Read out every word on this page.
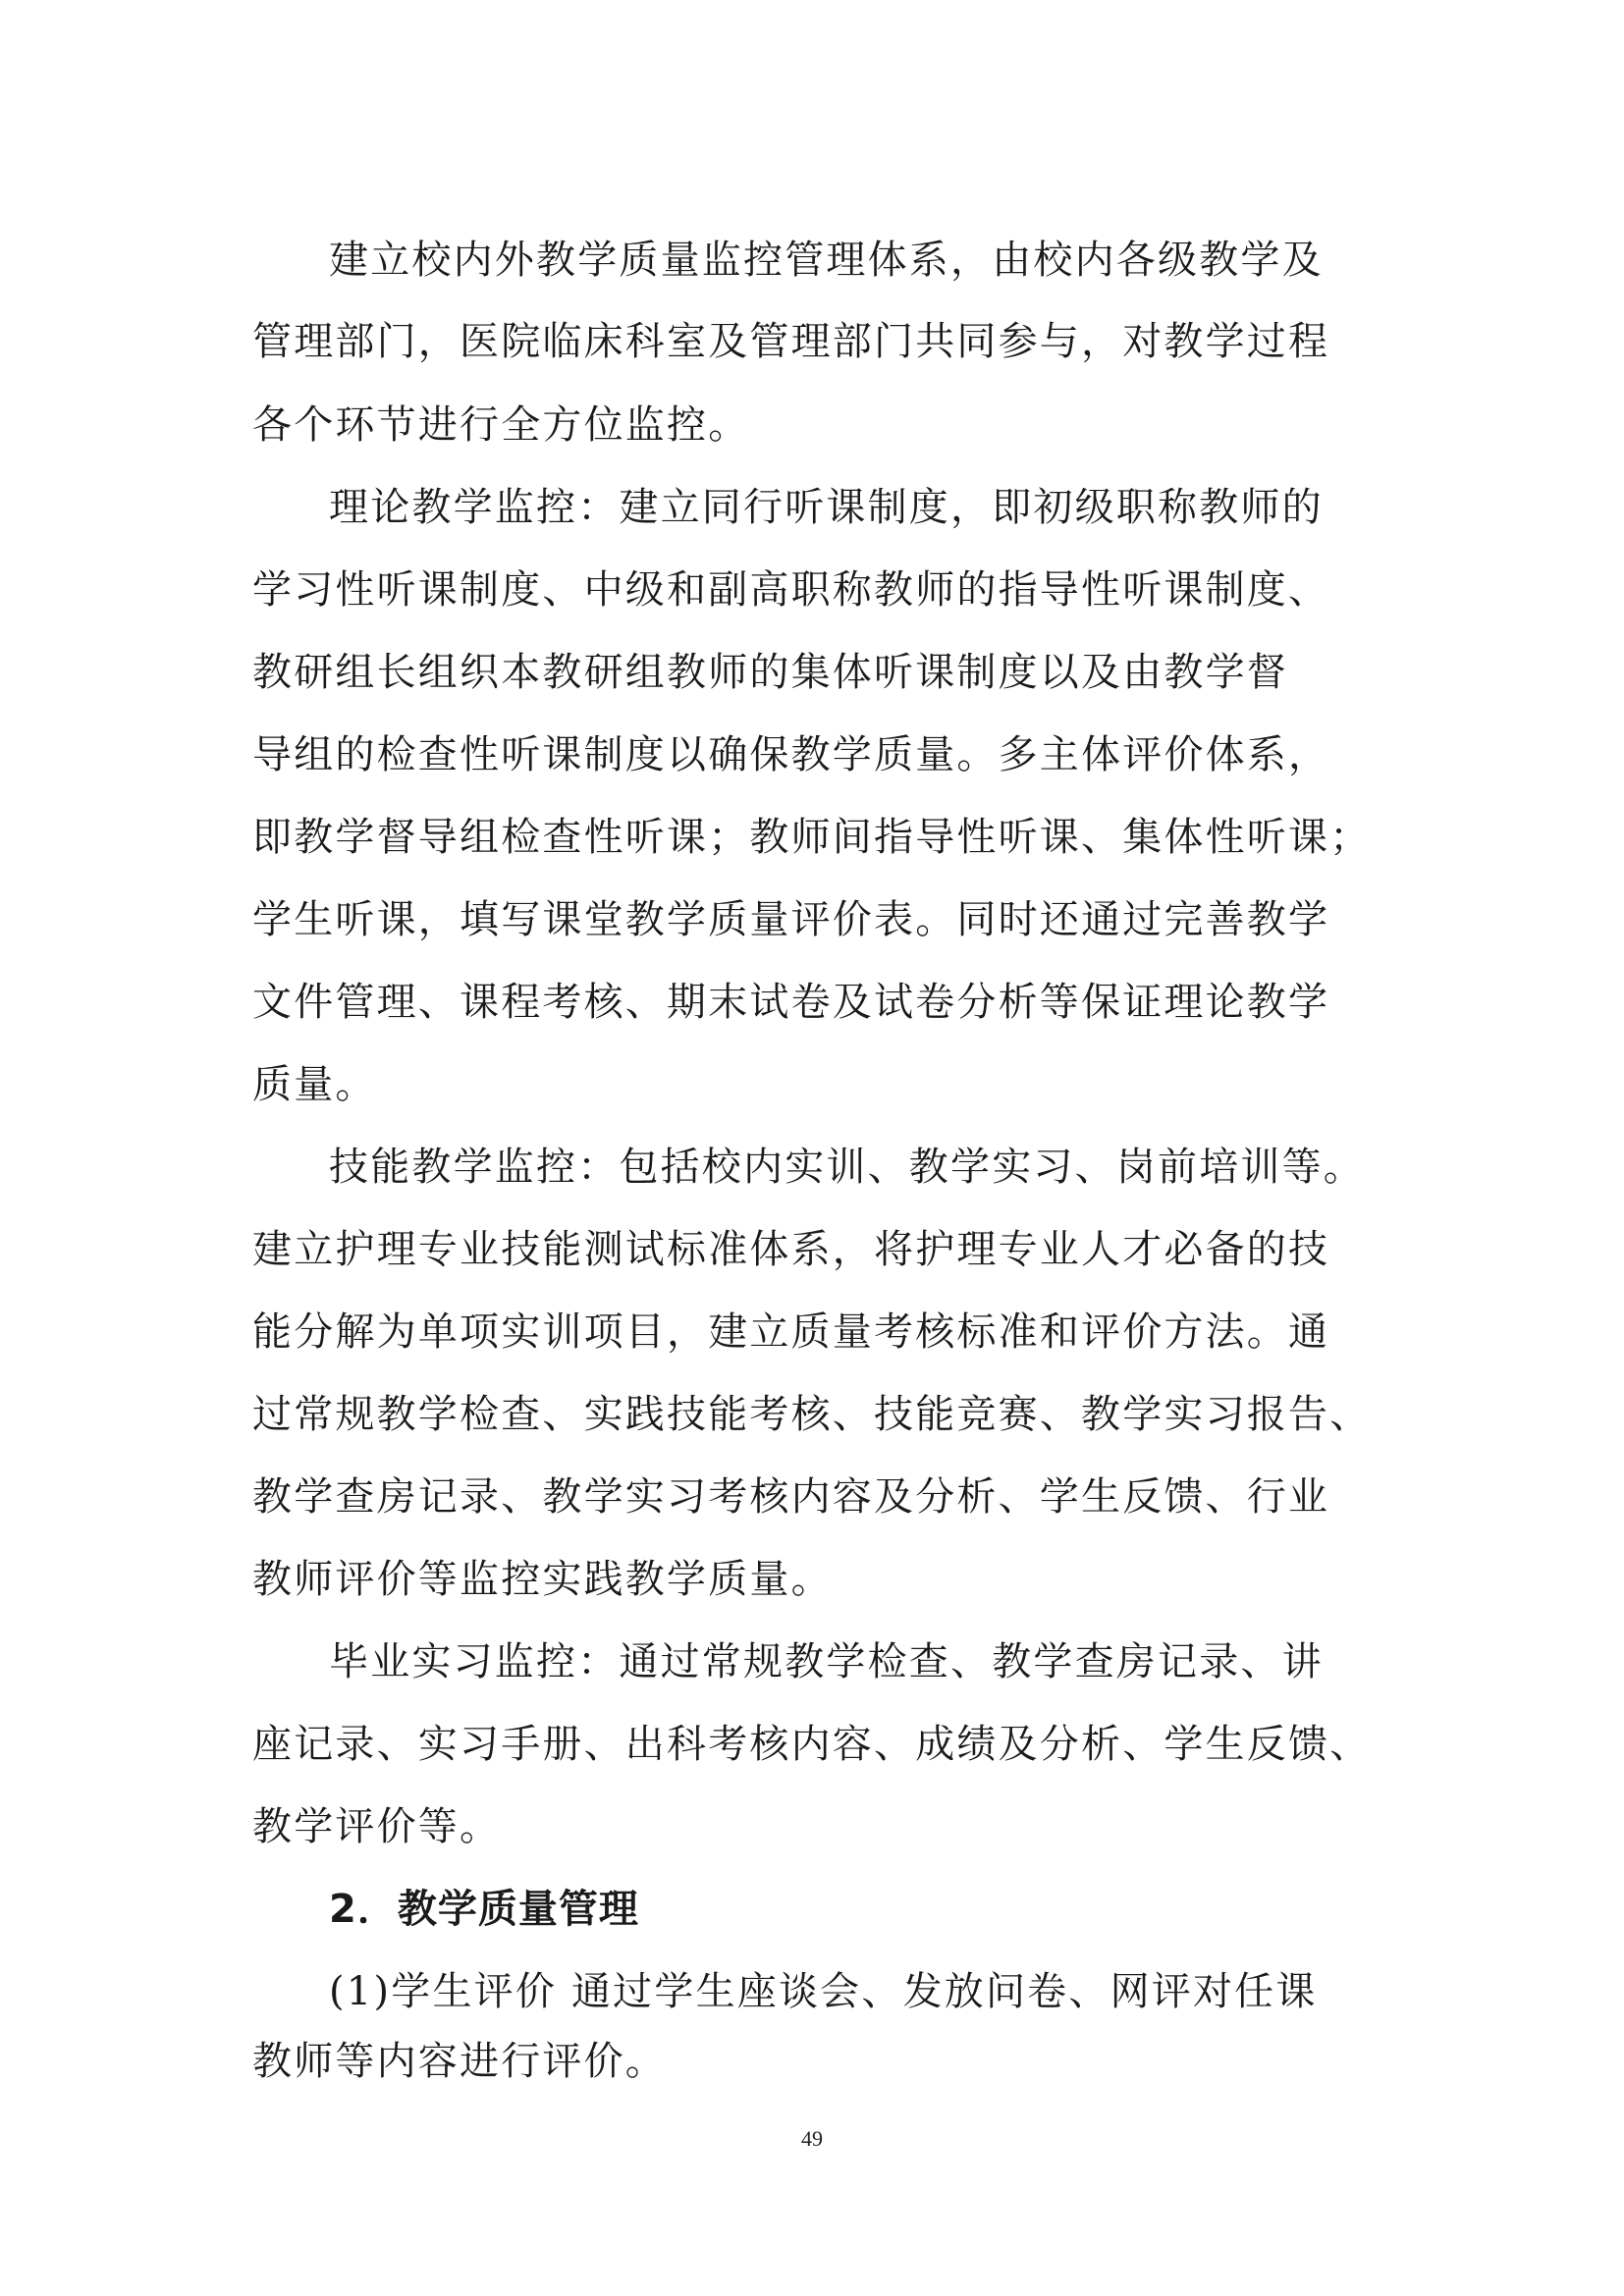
建立校内外教学质量监控管理体系，由校内各级教学及
管理部门，医院临床科室及管理部门共同参与，对教学过程
各个环节进行全方位监控。
理论教学监控：建立同行听课制度，即初级职称教师的
学习性听课制度、中级和副高职称教师的指导性听课制度、
教研组长组织本教研组教师的集体听课制度以及由教学督
导组的检查性听课制度以确保教学质量。多主体评价体系，
即教学督导组检查性听课；教师间指导性听课、集体性听课；
学生听课，填写课堂教学质量评价表。同时还通过完善教学
文件管理、课程考核、期末试卷及试卷分析等保证理论教学
质量。
技能教学监控：包括校内实训、教学实习、岗前培训等。
建立护理专业技能测试标准体系，将护理专业人才必备的技
能分解为单项实训项目，建立质量考核标准和评价方法。通
过常规教学检查、实践技能考核、技能竞赛、教学实习报告、
教学查房记录、教学实习考核内容及分析、学生反馈、行业
教师评价等监控实践教学质量。
毕业实习监控：通过常规教学检查、教学查房记录、讲
座记录、实习手册、出科考核内容、成绩及分析、学生反馈、
教学评价等。
2．教学质量管理
(1)学生评价 通过学生座谈会、发放问卷、网评对任课
教师等内容进行评价。
49
